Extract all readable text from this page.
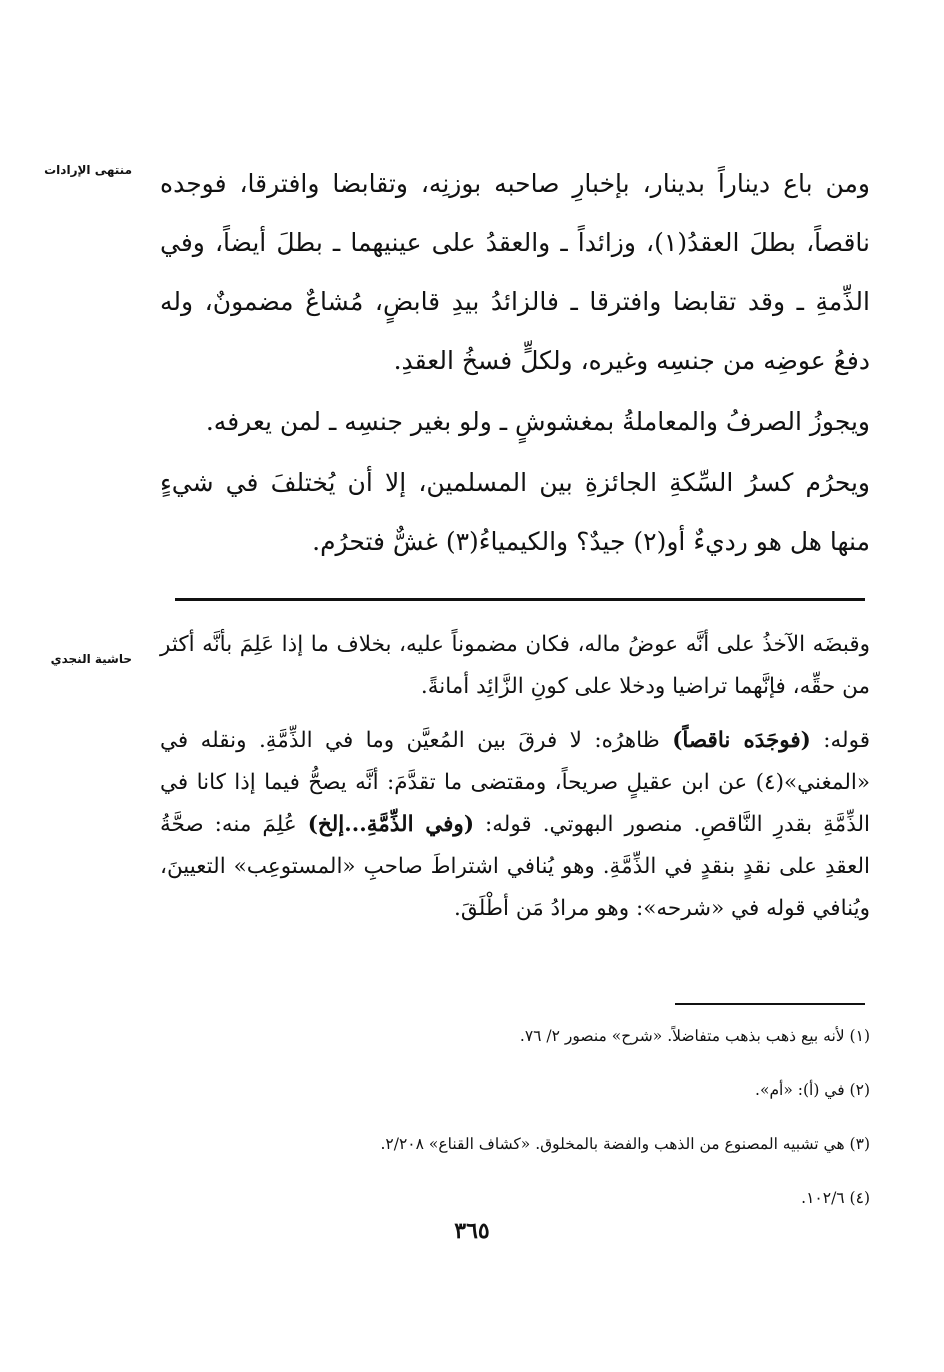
منتهى الإرادات ومن باع ديناراً بدينار، بإخبارِ صاحبه بوزنِه، وتقابضا وافترقا، فوجده ناقصاً، بطلَ العقدُ(١)، وزائداً ـ والعقدُ على عينيهما ـ بطلَ أيضاً، وفي الذِّمةِ ـ وقد تقابضا وافترقا ـ فالزائدُ بيدِ قابضٍ، مُشاعٌ مضمونٌ، وله دفعُ عوضِه من جنسِه وغيره، ولكلٍّ فسخُ العقدِ.

ويجوزُ الصرفُ والمعاملةُ بمغشوشٍ ـ ولو بغير جنسِه ـ لمن يعرفه.

ويحرُم كسرُ السِّكةِ الجائزةِ بين المسلمين، إلا أن يُختلفَ في شيءٍ منها هل هو رديءٌ أو(٢) جيدٌ؟ والكيمياءُ(٣) غشٌّ فتحرُم.

حاشية النجدي

وقبضَه الآخذُ على أنَّه عوضُ ماله، فكان مضموناً عليه، بخلاف ما إذا عَلِمَ بأنَّه أكثر من حقِّه، فإنَّهما تراضيا ودخلا على كونِ الزَّائِد أمانةً.

قوله: (فوجَدَه ناقصاً) ظاهرُه: لا فرقَ بين المُعيَّن وما في الذِّمَّةِ. ونقله في «المغني»(٤) عن ابن عقيلٍ صريحاً، ومقتضى ما تقدَّمَ: أنَّه يصحُّ فيما إذا كانا في الذِّمَّةِ بقدرِ النَّاقصِ. منصور البهوتي. قوله: (وفي الذِّمَّةِ...إلخ) عُلِمَ منه: صحَّةُ العقدِ على نقدٍ بنقدٍ في الذِّمَّةِ. وهو يُنافي اشتراطَ صاحبِ «المستوعِب» التعيينَ، ويُنافي قوله في «شرحه»: وهو مرادُ مَن أطْلَقَ.

(١) لأنه بيع ذهب بذهب متفاضلاً. «شرح» منصور ٢/ ٧٦.

(٢) في (أ): «أم».

(٣) هي تشبيه المصنوع من الذهب والفضة بالمخلوق. «كشاف القناع» ٢/٢٠٨.

(٤) ١٠٢/٦.

٣٦٥
